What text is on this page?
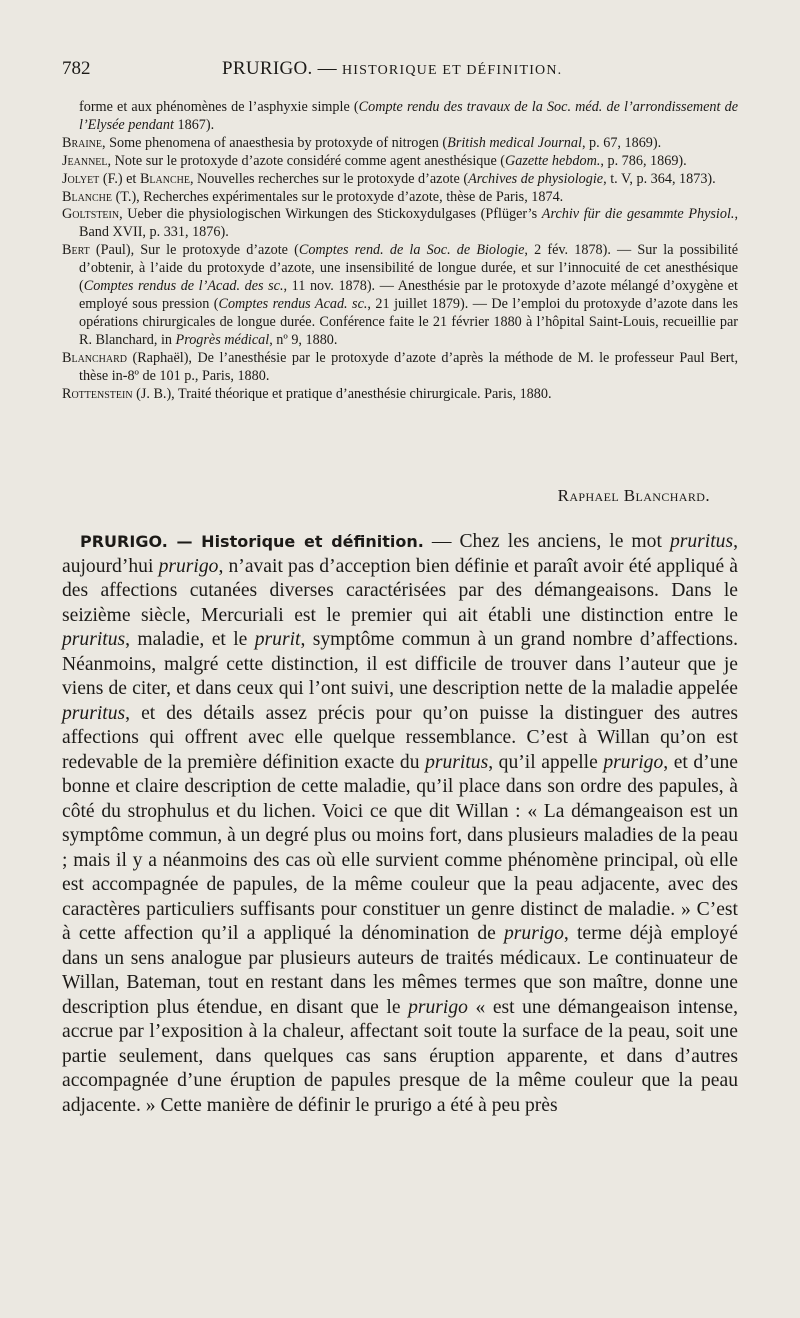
782	PRURIGO. — HISTORIQUE ET DÉFINITION.

forme et aux phénomènes de l’asphyxie simple (Compte rendu des travaux de la Soc. méd. de l’arrondissement de l’Elysée pendant 1867).

Braine, Some phenomena of anaesthesia by protoxyde of nitrogen (British medical Journal, p. 67, 1869).

Jeannel, Note sur le protoxyde d’azote considéré comme agent anesthésique (Gazette hebdom., p. 786, 1869).

Jolyet (F.) et Blanche, Nouvelles recherches sur le protoxyde d’azote (Archives de physiologie, t. V, p. 364, 1873).

Blanche (T.), Recherches expérimentales sur le protoxyde d’azote, thèse de Paris, 1874.

Goltstein, Ueber die physiologischen Wirkungen des Stickoxydulgases (Pflüger’s Archiv für die gesammte Physiol., Band XVII, p. 331, 1876).

Bert (Paul), Sur le protoxyde d’azote (Comptes rend. de la Soc. de Biologie, 2 fév. 1878). — Sur la possibilité d’obtenir, à l’aide du protoxyde d’azote, une insensibilité de longue durée, et sur l’innocuité de cet anesthésique (Comptes rendus de l’Acad. des sc., 11 nov. 1878). — Anesthésie par le protoxyde d’azote mélangé d’oxygène et employé sous pression (Comptes rendus Acad. sc., 21 juillet 1879). — De l’emploi du protoxyde d’azote dans les opérations chirurgicales de longue durée. Conférence faite le 21 février 1880 à l’hôpital Saint-Louis, recueillie par R. Blanchard, in Progrès médical, nº 9, 1880.

Blanchard (Raphaël), De l’anesthésie par le protoxyde d’azote d’après la méthode de M. le professeur Paul Bert, thèse in-8º de 101 p., Paris, 1880.

Rottenstein (J. B.), Traité théorique et pratique d’anesthésie chirurgicale. Paris, 1880.

Raphael Blanchard.

PRURIGO. — Historique et définition. — Chez les anciens, le mot pruritus, aujourd’hui prurigo, n’avait pas d’acception bien définie et paraît avoir été appliqué à des affections cutanées diverses caractérisées par des démangeaisons. Dans le seizième siècle, Mercuriali est le premier qui ait établi une distinction entre le pruritus, maladie, et le prurit, symptôme commun à un grand nombre d’affections. Néanmoins, malgré cette distinction, il est difficile de trouver dans l’auteur que je viens de citer, et dans ceux qui l’ont suivi, une description nette de la maladie appelée pruritus, et des détails assez précis pour qu’on puisse la distinguer des autres affections qui offrent avec elle quelque ressemblance. C’est à Willan qu’on est redevable de la première définition exacte du pruritus, qu’il appelle prurigo, et d’une bonne et claire description de cette maladie, qu’il place dans son ordre des papules, à côté du strophulus et du lichen. Voici ce que dit Willan : « La démangeaison est un symptôme commun, à un degré plus ou moins fort, dans plusieurs maladies de la peau ; mais il y a néanmoins des cas où elle survient comme phénomène principal, où elle est accompagnée de papules, de la même couleur que la peau adjacente, avec des caractères particuliers suffisants pour constituer un genre distinct de maladie. » C’est à cette affection qu’il a appliqué la dénomination de prurigo, terme déjà employé dans un sens analogue par plusieurs auteurs de traités médicaux. Le continuateur de Willan, Bateman, tout en restant dans les mêmes termes que son maître, donne une description plus étendue, en disant que le prurigo « est une démangeaison intense, accrue par l’exposition à la chaleur, affectant soit toute la surface de la peau, soit une partie seulement, dans quelques cas sans éruption apparente, et dans d’autres accompagnée d’une éruption de papules presque de la même couleur que la peau adjacente. » Cette manière de définir le prurigo a été à peu près
